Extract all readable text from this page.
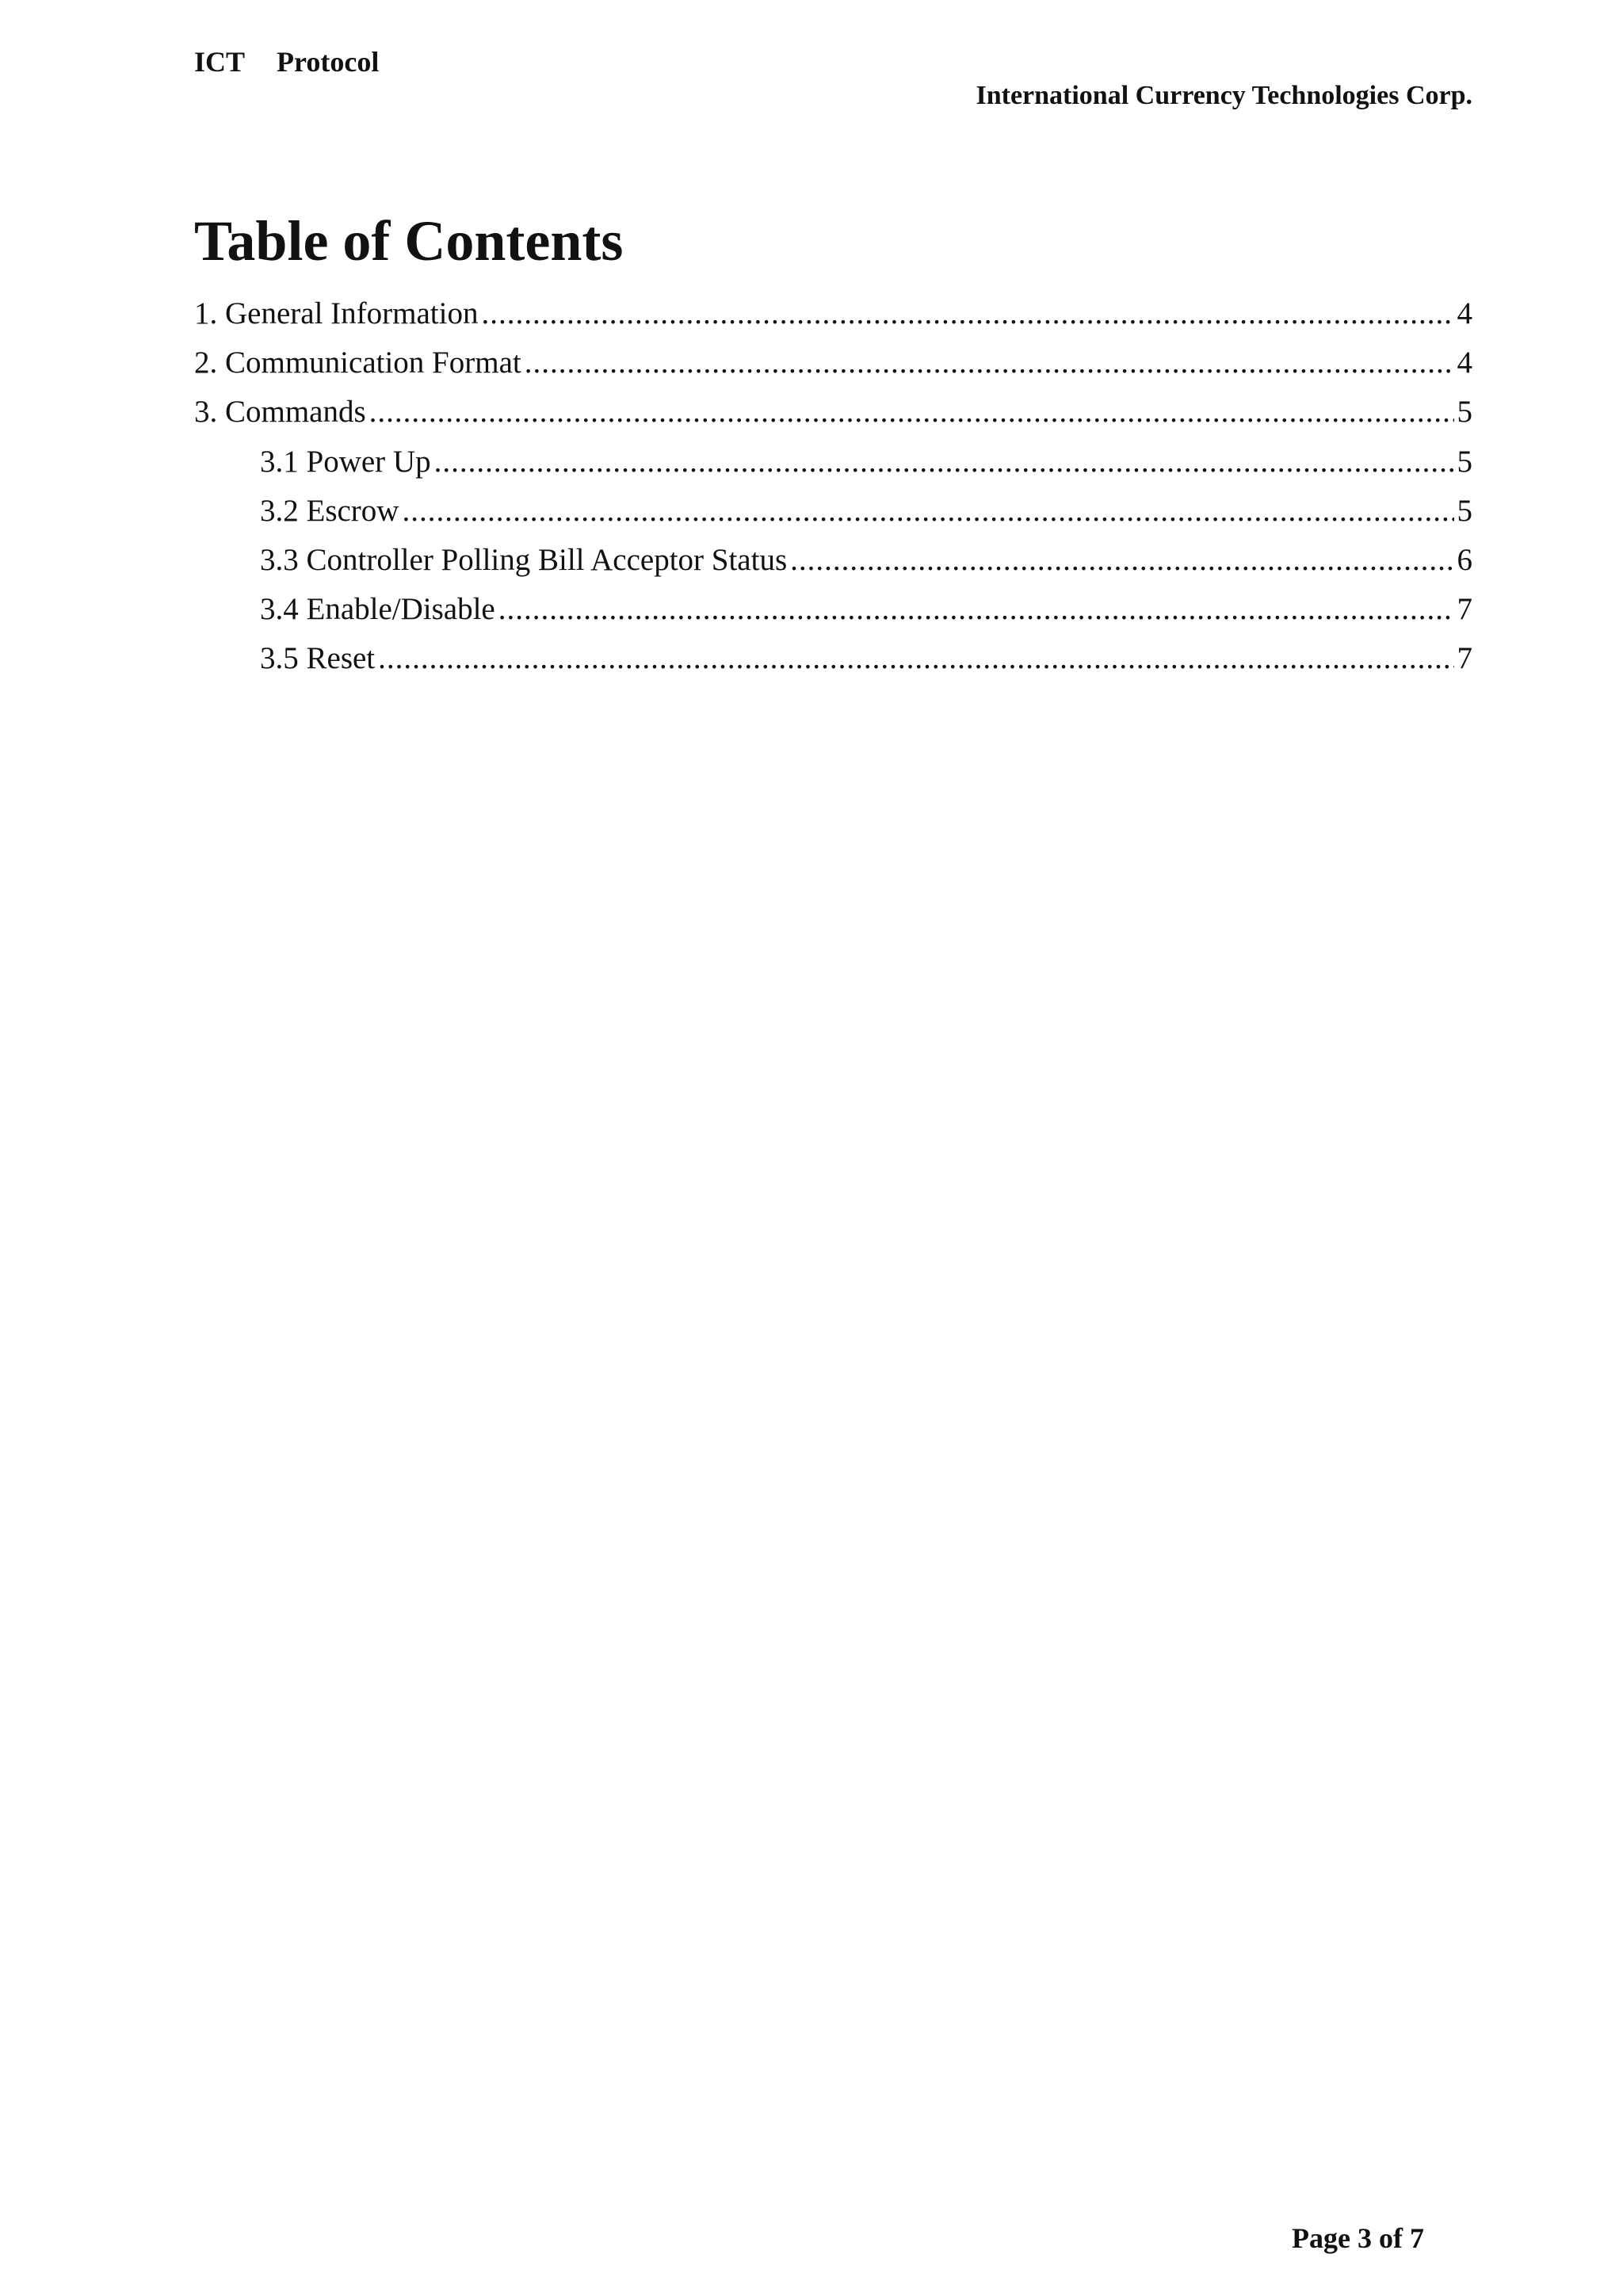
ICT Protocol
International Currency Technologies Corp.
Table of Contents
1. General Information .....	4
2. Communication Format .....	4
3. Commands .....	5
3.1 Power Up .....	5
3.2 Escrow .....	5
3.3 Controller Polling Bill Acceptor Status .....	6
3.4 Enable/Disable .....	7
3.5 Reset .....	7
Page 3 of 7
